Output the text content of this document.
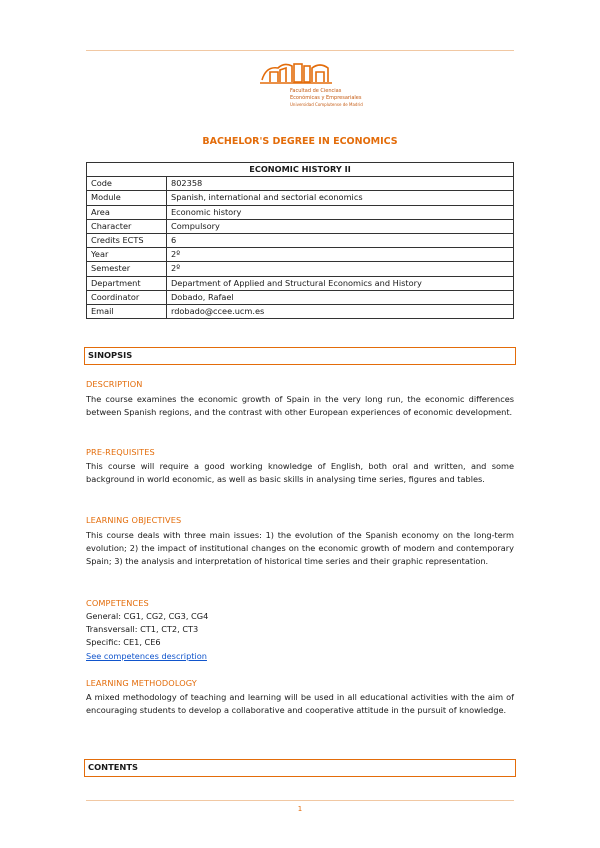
Facultad de Ciencias
Económicas y Empresariales
Universidad Complutense de Madrid
BACHELOR'S DEGREE IN ECONOMICS
ECONOMIC HISTORY II	
Code	802358
Module	Spanish, international and sectorial economics
Area	Economic history
Character	Compulsory
Credits ECTS	6
Year	2º
Semester	2º
Department	Department of Applied and Structural Economics and History
Coordinator	Dobado, Rafael
Email	rdobado@ccee.ucm.es
SINOPSIS
DESCRIPTION
The course examines the economic growth of Spain in the very long run, the economic differences between Spanish regions, and the contrast with other European experiences of economic development.
PRE-REQUISITES
This course will require a good working knowledge of English, both oral and written, and some background in world economic, as well as basic skills in analysing time series, figures and tables.
LEARNING OBJECTIVES
This course deals with three main issues: 1) the evolution of the Spanish economy on the long-term evolution; 2) the impact of institutional changes on the economic growth of modern and contemporary Spain; 3) the analysis and interpretation of historical time series and their graphic representation.
COMPETENCES
General: CG1, CG2, CG3, CG4
Transversall: CT1, CT2, CT3
Specific: CE1, CE6
See competences description
LEARNING METHODOLOGY
A mixed methodology of teaching and learning will be used in all educational activities with the aim of encouraging students to develop a collaborative and cooperative attitude in the pursuit of knowledge.
CONTENTS
1
